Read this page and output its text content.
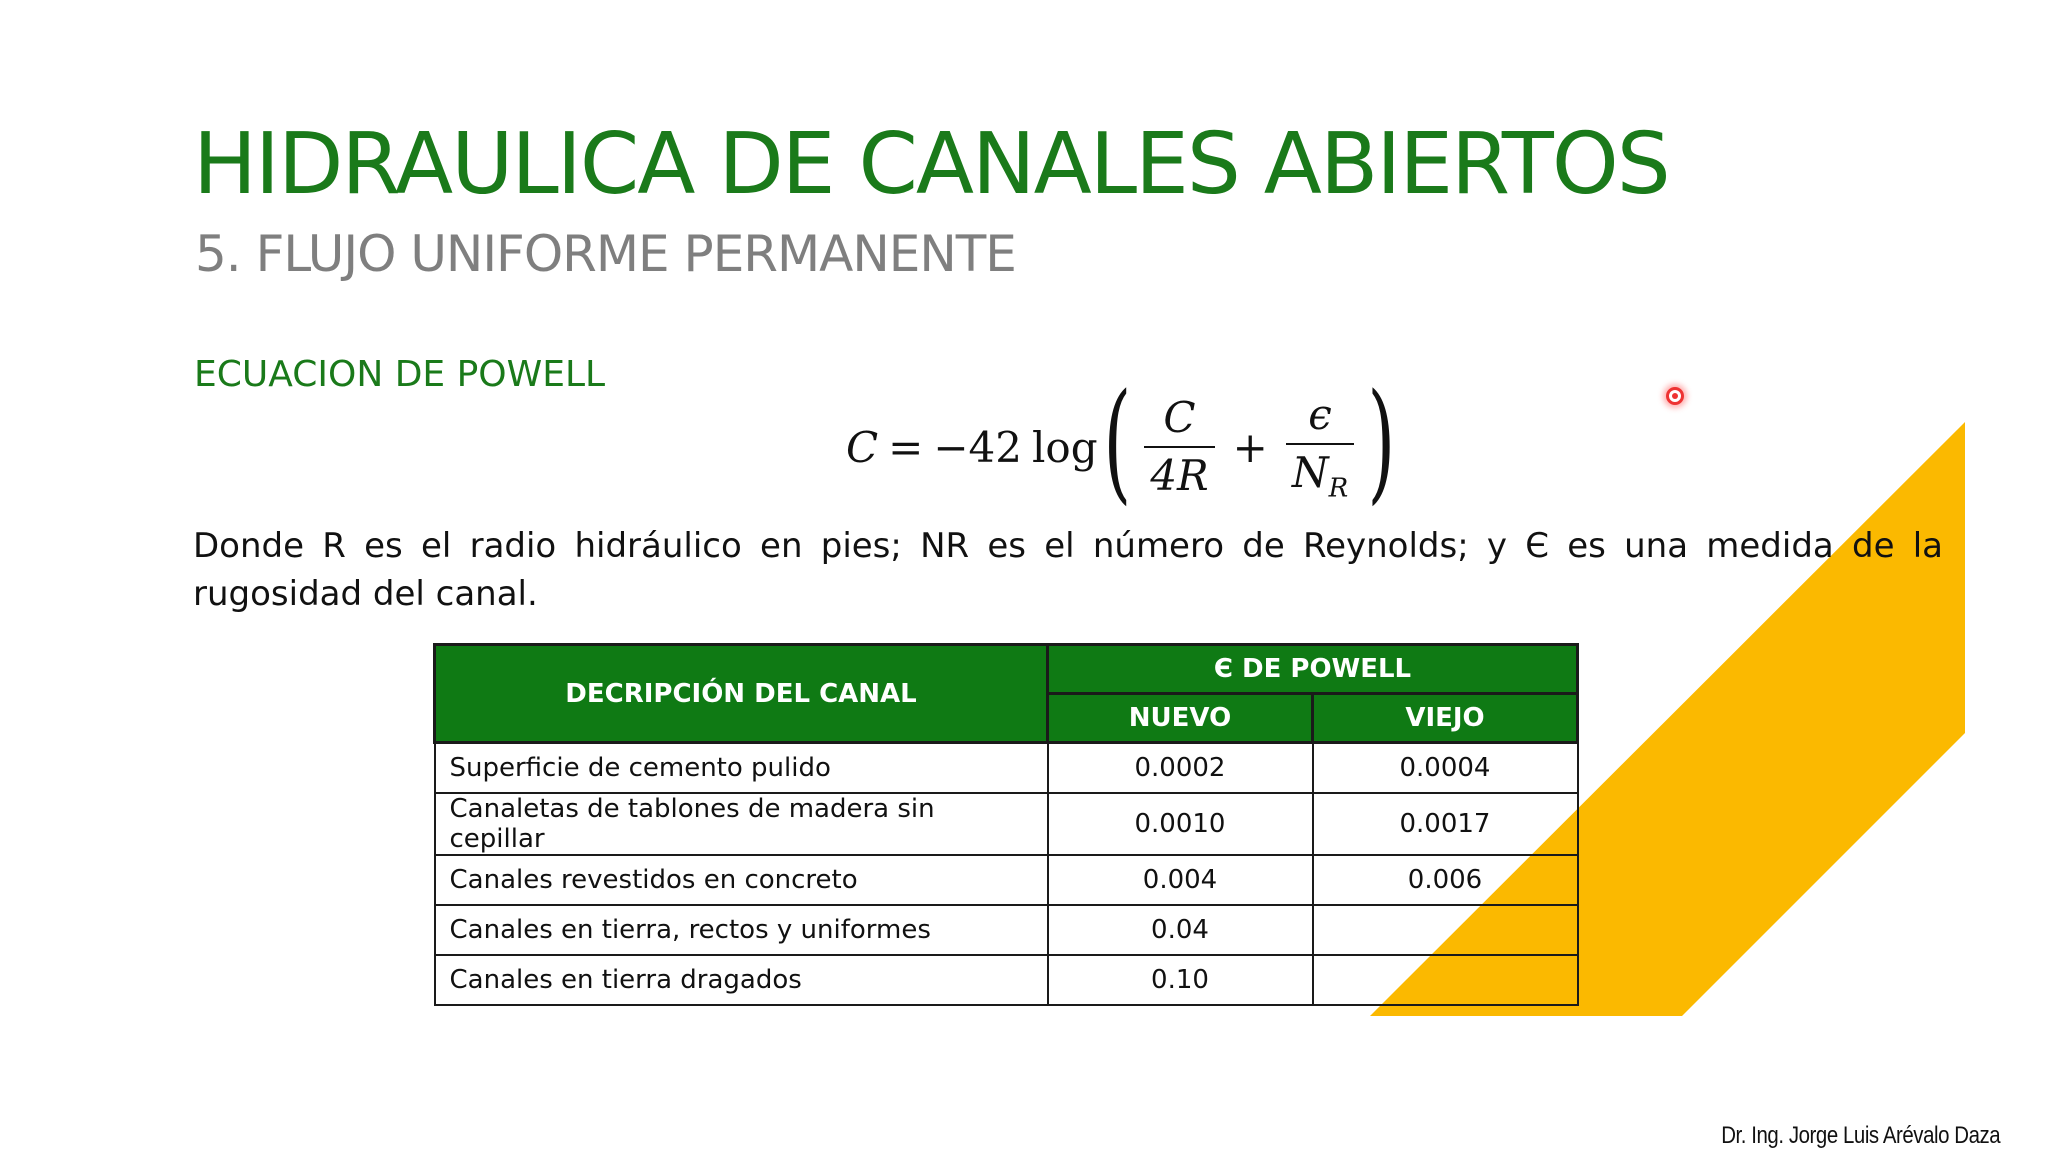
HIDRAULICA DE CANALES ABIERTOS
5. FLUJO UNIFORME PERMANENTE
ECUACION DE POWELL
C = −42 log ( $\frac{C}{4R} + \frac{\epsilon}{N_R}$ )

Donde R es el radio hidráulico en pies; NR es el número de Reynolds; y Є es una medida de la rugosidad del canal.

DECRIPCIÓN DEL CANAL	Є DE POWELL	
	NUEVO	VIEJO
Superficie de cemento pulido	0.0002	0.0004
Canaletas de tablones de madera sin cepillar	0.0010	0.0017
Canales revestidos en concreto	0.004	0.006
Canales en tierra, rectos y uniformes	0.04	
Canales en tierra dragados	0.10	
Dr. Ing. Jorge Luis Arévalo Daza
